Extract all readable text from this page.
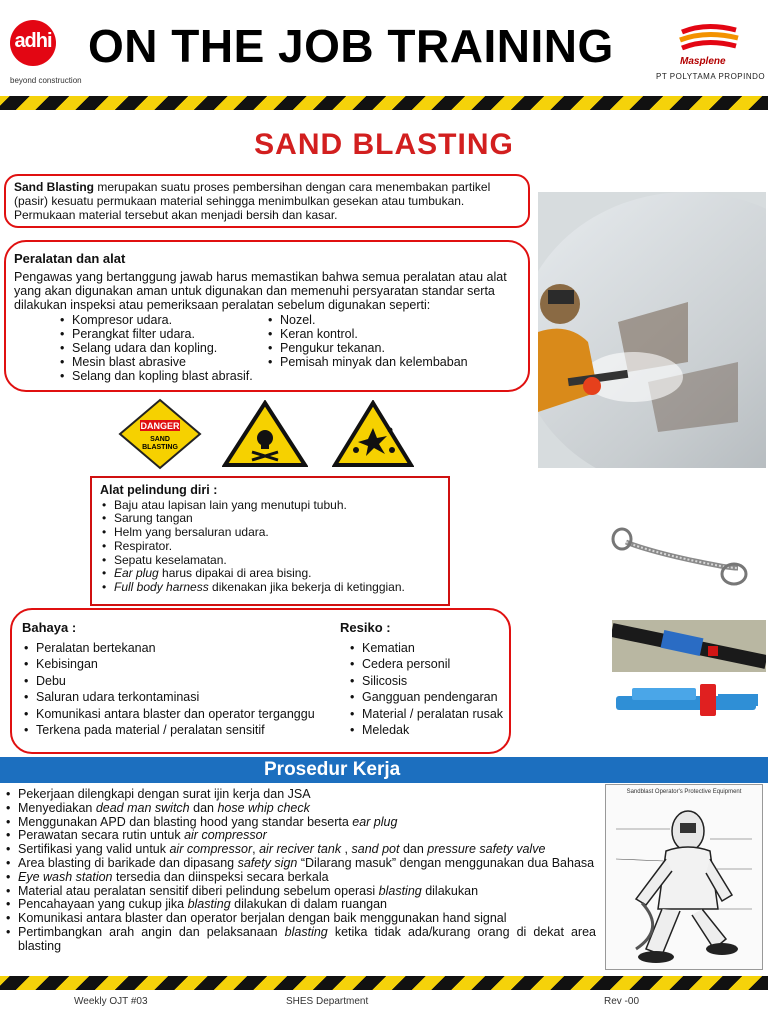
adhi
beyond construction
ON THE JOB TRAINING	Masplene
PT POLYTAMA PROPINDO
SAND BLASTING
Sand Blasting merupakan suatu proses pembersihan dengan cara menembakan partikel (pasir) kesuatu permukaan material sehingga menimbulkan gesekan atau tumbukan. Permukaan material tersebut akan menjadi bersih dan kasar.
Peralatan dan alat
Pengawas yang bertanggung jawab harus memastikan bahwa semua peralatan atau alat yang akan digunakan aman untuk digunakan dan memenuhi persyaratan standar serta dilakukan inspeksi atau pemeriksaan peralatan sebelum digunakan seperti:
• Kompresor udara.
• Perangkat filter udara.
• Selang udara dan kopling.
• Mesin blast abrasive
• Selang dan kopling blast abrasif.
• Nozel.
• Keran kontrol.
• Pengukur tekanan.
• Pemisah minyak dan kelembaban
DANGER
SAND
BLASTING
Alat pelindung diri :
• Baju atau lapisan lain yang menutupi tubuh.
• Sarung tangan
• Helm yang bersaluran udara.
• Respirator.
• Sepatu keselamatan.
• Ear plug harus dipakai di area bising.
• Full body harness dikenakan jika bekerja di ketinggian.
Bahaya :	Resiko :
• Peralatan bertekanan
• Kebisingan
• Debu
• Saluran udara terkontaminasi
• Komunikasi antara blaster dan operator terganggu
• Terkena pada material / peralatan sensitif
• Kematian
• Cedera personil
• Silicosis
• Gangguan pendengaran
• Material / peralatan rusak
• Meledak
Prosedur Kerja
• Pekerjaan dilengkapi dengan surat ijin kerja dan JSA
• Menyediakan dead man switch dan hose whip check
• Menggunakan APD dan blasting hood yang standar beserta ear plug
• Perawatan secara rutin untuk air compressor
• Sertifikasi yang valid untuk air compressor, air reciver tank , sand pot dan pressure safety valve
• Area blasting di barikade dan dipasang safety sign “Dilarang masuk” dengan menggunakan dua Bahasa
• Eye wash station tersedia dan diinspeksi secara berkala
• Material atau peralatan sensitif diberi pelindung sebelum operasi blasting dilakukan
• Pencahayaan yang cukup jika blasting dilakukan di dalam ruangan
• Komunikasi antara blaster dan operator berjalan dengan baik menggunakan hand signal
• Pertimbangkan arah angin dan pelaksanaan blasting ketika tidak ada/kurang orang di dekat area blasting
Sandblast Operator's Protective Equipment
Weekly OJT #03	SHES Department	Rev -00
